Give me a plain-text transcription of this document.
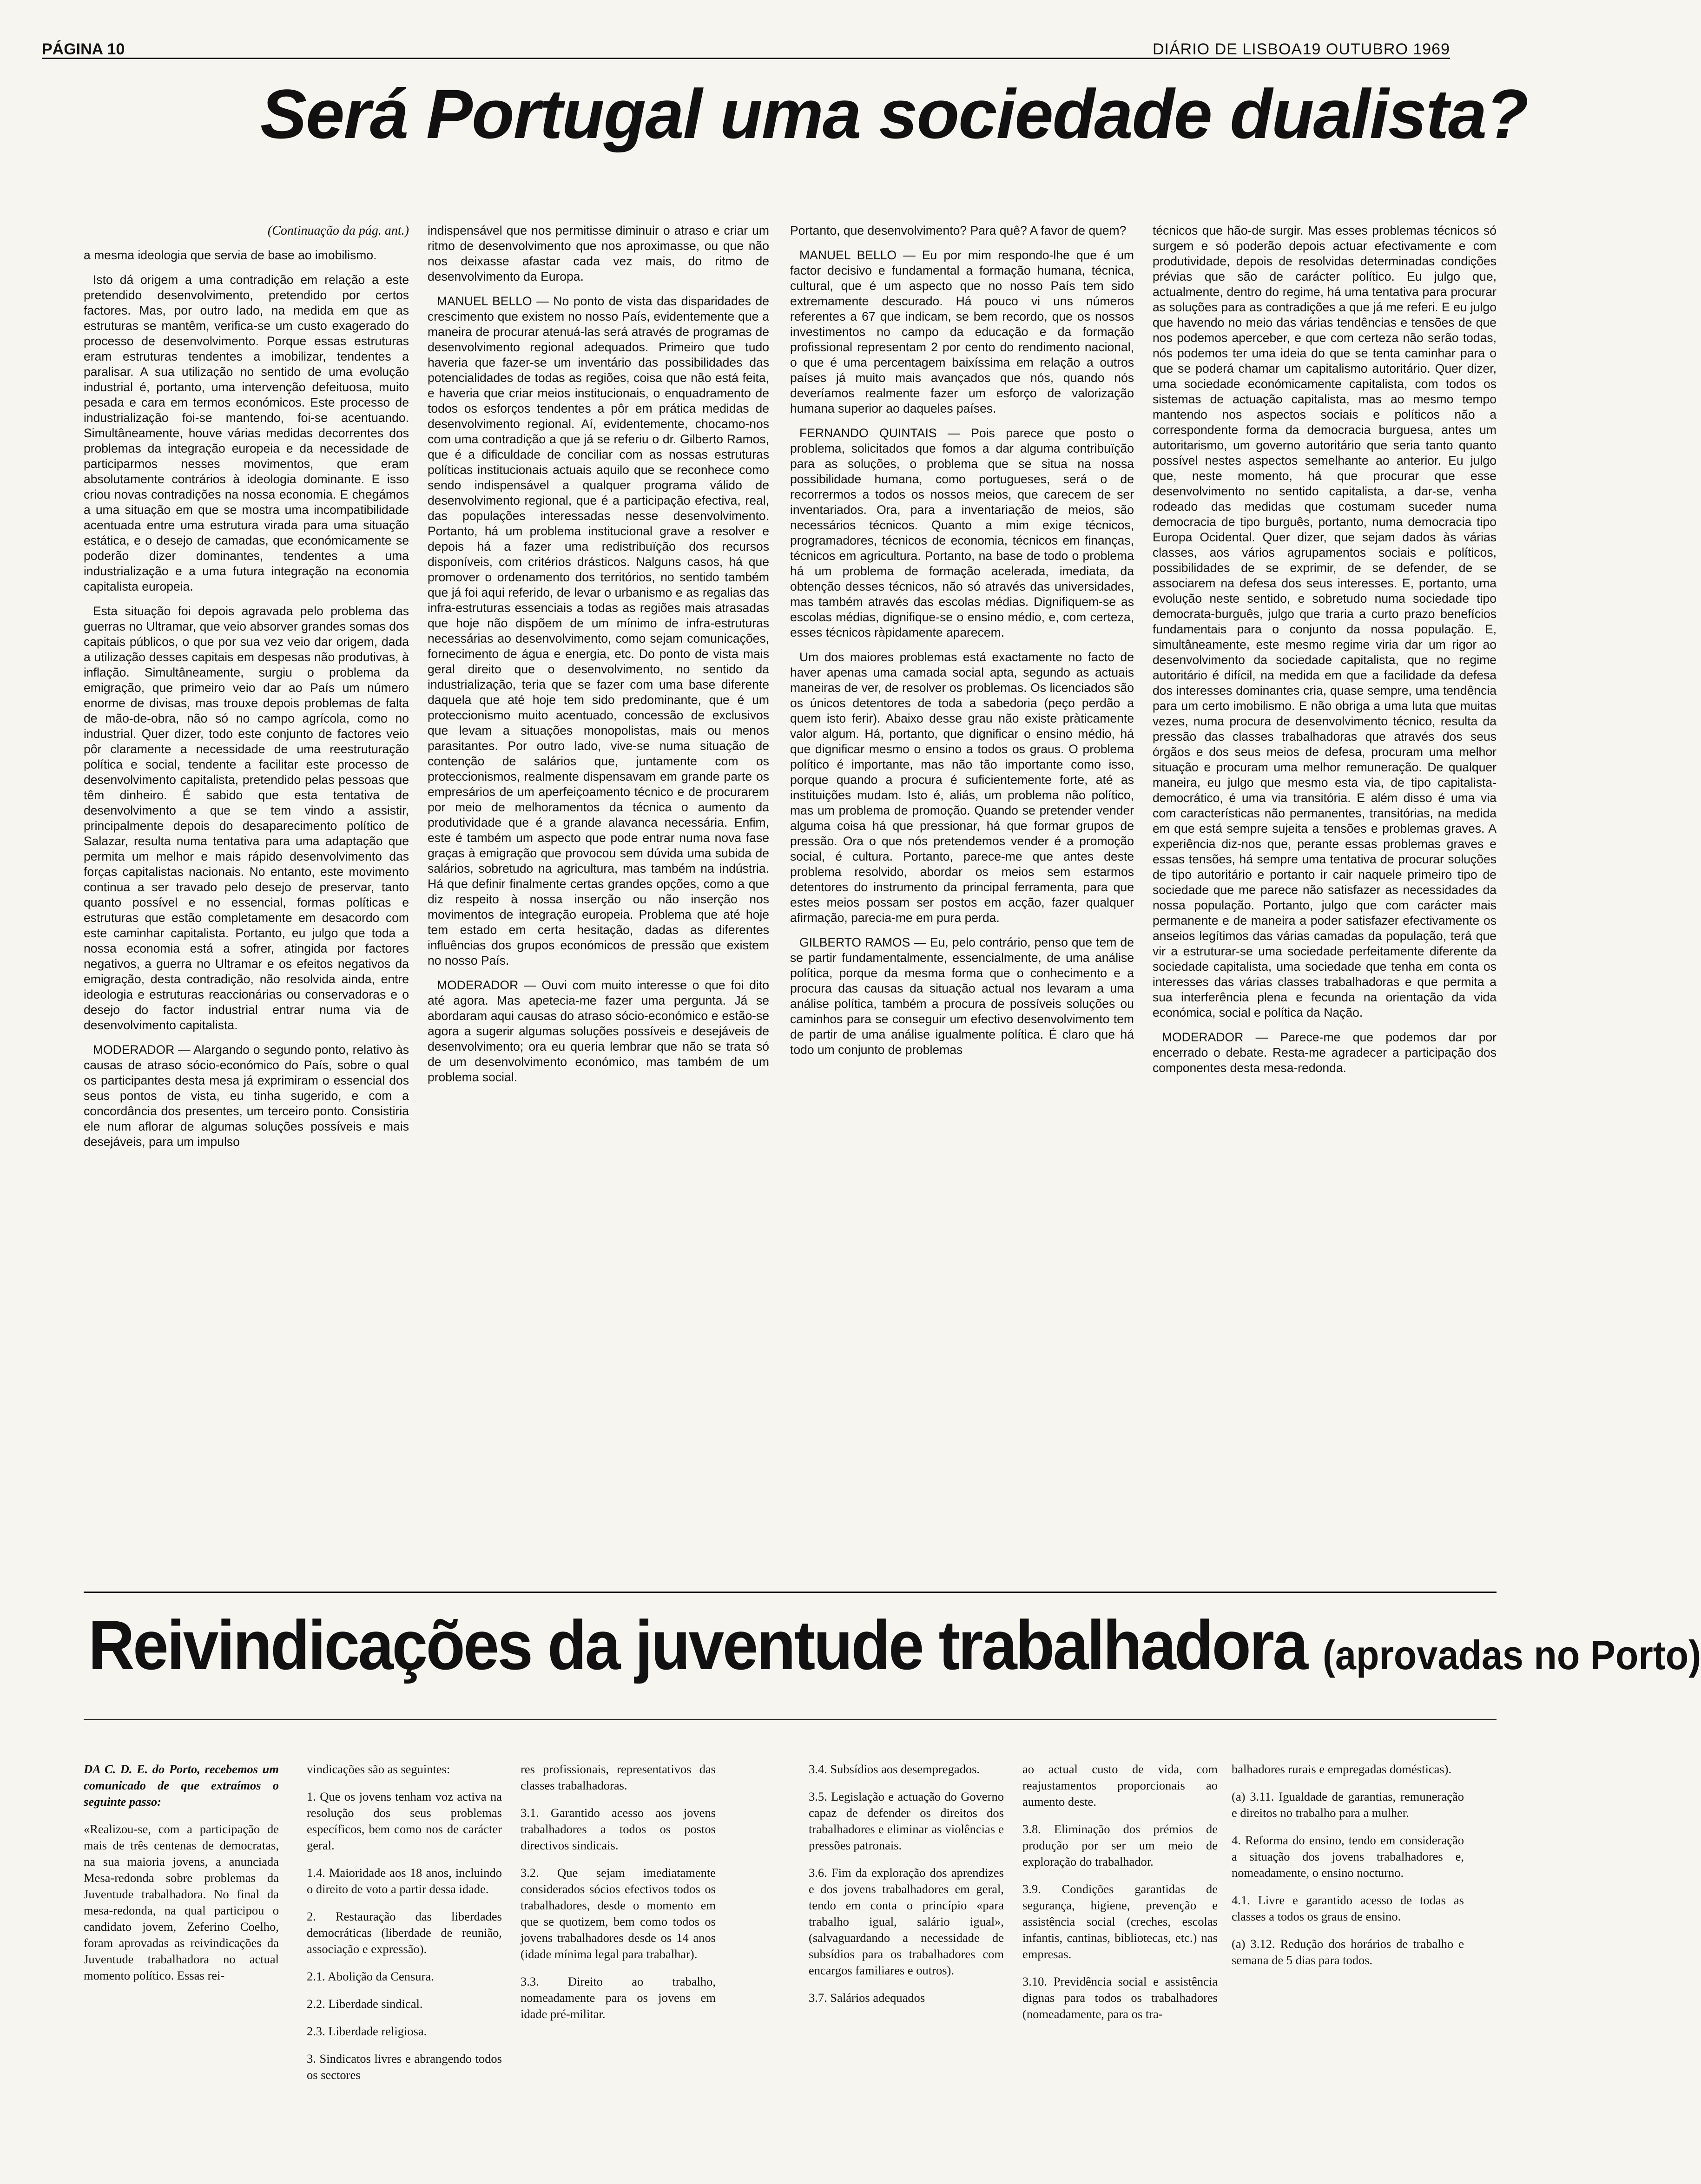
PÁGINA 10	DIÁRIO DE LISBOA 19 OUTUBRO 1969
Será Portugal uma sociedade dualista?

(Continuação da pág. ant.)

a mesma ideologia que servia de base ao imobilismo.

Isto dá origem a uma contradição em relação a este pretendido desenvolvimento, pretendido por certos factores. Mas, por outro lado, na medida em que as estruturas se mantêm, verifica-se um custo exagerado do processo de desenvolvimento. Porque essas estruturas eram estruturas tendentes a imobilizar, tendentes a paralisar. A sua utilização no sentido de uma evolução industrial é, portanto, uma intervenção defeituosa, muito pesada e cara em termos económicos. Este processo de industrialização foi-se mantendo, foi-se acentuando. Simultâneamente, houve várias medidas decorrentes dos problemas da integração europeia e da necessidade de participarmos nesses movimentos, que eram absolutamente contrários à ideologia dominante. E isso criou novas contradições na nossa economia. E chegámos a uma situação em que se mostra uma incompatibilidade acentuada entre uma estrutura virada para uma situação estática, e o desejo de camadas, que económicamente se poderão dizer dominantes, tendentes a uma industrialização e a uma futura integração na economia capitalista europeia.

Esta situação foi depois agravada pelo problema das guerras no Ultramar, que veio absorver grandes somas dos capitais públicos, o que por sua vez veio dar origem, dada a utilização desses capitais em despesas não produtivas, à inflação. Simultâneamente, surgiu o problema da emigração, que primeiro veio dar ao País um número enorme de divisas, mas trouxe depois problemas de falta de mão-de-obra, não só no campo agrícola, como no industrial. Quer dizer, todo este conjunto de factores veio pôr claramente a necessidade de uma reestruturação política e social, tendente a facilitar este processo de desenvolvimento capitalista, pretendido pelas pessoas que têm dinheiro. É sabido que esta tentativa de desenvolvimento a que se tem vindo a assistir, principalmente depois do desaparecimento político de Salazar, resulta numa tentativa para uma adaptação que permita um melhor e mais rápido desenvolvimento das forças capitalistas nacionais. No entanto, este movimento continua a ser travado pelo desejo de preservar, tanto quanto possível e no essencial, formas políticas e estruturas que estão completamente em desacordo com este caminhar capitalista. Portanto, eu julgo que toda a nossa economia está a sofrer, atingida por factores negativos, a guerra no Ultramar e os efeitos negativos da emigração, desta contradição, não resolvida ainda, entre ideologia e estruturas reaccionárias ou conservadoras e o desejo do factor industrial entrar numa via de desenvolvimento capitalista.

MODERADOR — Alargando o segundo ponto, relativo às causas de atraso sócio-económico do País, sobre o qual os participantes desta mesa já exprimiram o essencial dos seus pontos de vista, eu tinha sugerido, e com a concordância dos presentes, um terceiro ponto. Consistiria ele num aflorar de algumas soluções possíveis e mais desejáveis, para um impulso

indispensável que nos permitisse diminuir o atraso e criar um ritmo de desenvolvimento que nos aproximasse, ou que não nos deixasse afastar cada vez mais, do ritmo de desenvolvimento da Europa.

MANUEL BELLO — No ponto de vista das disparidades de crescimento que existem no nosso País, evidentemente que a maneira de procurar atenuá-las será através de programas de desenvolvimento regional adequados. Primeiro que tudo haveria que fazer-se um inventário das possibilidades das potencialidades de todas as regiões, coisa que não está feita, e haveria que criar meios institucionais, o enquadramento de todos os esforços tendentes a pôr em prática medidas de desenvolvimento regional. Aí, evidentemente, chocamo-nos com uma contradição a que já se referiu o dr. Gilberto Ramos, que é a dificuldade de conciliar com as nossas estruturas políticas institucionais actuais aquilo que se reconhece como sendo indispensável a qualquer programa válido de desenvolvimento regional, que é a participação efectiva, real, das populações interessadas nesse desenvolvimento. Portanto, há um problema institucional grave a resolver e depois há a fazer uma redistribuïção dos recursos disponíveis, com critérios drásticos. Nalguns casos, há que promover o ordenamento dos territórios, no sentido também que já foi aqui referido, de levar o urbanismo e as regalias das infra-estruturas essenciais a todas as regiões mais atrasadas que hoje não dispõem de um mínimo de infra-estruturas necessárias ao desenvolvimento, como sejam comunicações, fornecimento de água e energia, etc. Do ponto de vista mais geral direito que o desenvolvimento, no sentido da industrialização, teria que se fazer com uma base diferente daquela que até hoje tem sido predominante, que é um proteccionismo muito acentuado, concessão de exclusivos que levam a situações monopolistas, mais ou menos parasitantes. Por outro lado, vive-se numa situação de contenção de salários que, juntamente com os proteccionismos, realmente dispensavam em grande parte os empresários de um aperfeiçoamento técnico e de procurarem por meio de melhoramentos da técnica o aumento da produtividade que é a grande alavanca necessária. Enfim, este é também um aspecto que pode entrar numa nova fase graças à emigração que provocou sem dúvida uma subida de salários, sobretudo na agricultura, mas também na indústria. Há que definir finalmente certas grandes opções, como a que diz respeito à nossa inserção ou não inserção nos movimentos de integração europeia. Problema que até hoje tem estado em certa hesitação, dadas as diferentes influências dos grupos económicos de pressão que existem no nosso País.

MODERADOR — Ouvi com muito interesse o que foi dito até agora. Mas apetecia-me fazer uma pergunta. Já se abordaram aqui causas do atraso sócio-económico e estão-se agora a sugerir algumas soluções possíveis e desejáveis de desenvolvimento; ora eu queria lembrar que não se trata só de um desenvolvimento económico, mas também de um problema social.

Portanto, que desenvolvimento? Para quê? A favor de quem?

MANUEL BELLO — Eu por mim respondo-lhe que é um factor decisivo e fundamental a formação humana, técnica, cultural, que é um aspecto que no nosso País tem sido extremamente descurado. Há pouco vi uns números referentes a 67 que indicam, se bem recordo, que os nossos investimentos no campo da educação e da formação profissional representam 2 por cento do rendimento nacional, o que é uma percentagem baixíssima em relação a outros países já muito mais avançados que nós, quando nós deveríamos realmente fazer um esforço de valorização humana superior ao daqueles países.

FERNANDO QUINTAIS — Pois parece que posto o problema, solicitados que fomos a dar alguma contribuïção para as soluções, o problema que se situa na nossa possibilidade humana, como portugueses, será o de recorrermos a todos os nossos meios, que carecem de ser inventariados. Ora, para a inventariação de meios, são necessários técnicos. Quanto a mim exige técnicos, programadores, técnicos de economia, técnicos em finanças, técnicos em agricultura. Portanto, na base de todo o problema há um problema de formação acelerada, imediata, da obtenção desses técnicos, não só através das universidades, mas também através das escolas médias. Dignifiquem-se as escolas médias, dignifique-se o ensino médio, e, com certeza, esses técnicos ràpidamente aparecem.

Um dos maiores problemas está exactamente no facto de haver apenas uma camada social apta, segundo as actuais maneiras de ver, de resolver os problemas. Os licenciados são os únicos detentores de toda a sabedoria (peço perdão a quem isto ferir). Abaixo desse grau não existe pràticamente valor algum. Há, portanto, que dignificar o ensino médio, há que dignificar mesmo o ensino a todos os graus. O problema político é importante, mas não tão importante como isso, porque quando a procura é suficientemente forte, até as instituições mudam. Isto é, aliás, um problema não político, mas um problema de promoção. Quando se pretender vender alguma coisa há que pressionar, há que formar grupos de pressão. Ora o que nós pretendemos vender é a promoção social, é cultura. Portanto, parece-me que antes deste problema resolvido, abordar os meios sem estarmos detentores do instrumento da principal ferramenta, para que estes meios possam ser postos em acção, fazer qualquer afirmação, parecia-me em pura perda.

GILBERTO RAMOS — Eu, pelo contrário, penso que tem de se partir fundamentalmente, essencialmente, de uma análise política, porque da mesma forma que o conhecimento e a procura das causas da situação actual nos levaram a uma análise política, também a procura de possíveis soluções ou caminhos para se conseguir um efectivo desenvolvimento tem de partir de uma análise igualmente política. É claro que há todo um conjunto de problemas

técnicos que hão-de surgir. Mas esses problemas técnicos só surgem e só poderão depois actuar efectivamente e com produtividade, depois de resolvidas determinadas condições prévias que são de carácter político. Eu julgo que, actualmente, dentro do regime, há uma tentativa para procurar as soluções para as contradições a que já me referi. E eu julgo que havendo no meio das várias tendências e tensões de que nos podemos aperceber, e que com certeza não serão todas, nós podemos ter uma ideia do que se tenta caminhar para o que se poderá chamar um capitalismo autoritário. Quer dizer, uma sociedade económicamente capitalista, com todos os sistemas de actuação capitalista, mas ao mesmo tempo mantendo nos aspectos sociais e políticos não a correspondente forma da democracia burguesa, antes um autoritarismo, um governo autoritário que seria tanto quanto possível nestes aspectos semelhante ao anterior. Eu julgo que, neste momento, há que procurar que esse desenvolvimento no sentido capitalista, a dar-se, venha rodeado das medidas que costumam suceder numa democracia de tipo burguês, portanto, numa democracia tipo Europa Ocidental. Quer dizer, que sejam dados às várias classes, aos vários agrupamentos sociais e políticos, possibilidades de se exprimir, de se defender, de se associarem na defesa dos seus interesses. E, portanto, uma evolução neste sentido, e sobretudo numa sociedade tipo democrata-burguês, julgo que traria a curto prazo benefícios fundamentais para o conjunto da nossa população. E, simultâneamente, este mesmo regime viria dar um rigor ao desenvolvimento da sociedade capitalista, que no regime autoritário é difícil, na medida em que a facilidade da defesa dos interesses dominantes cria, quase sempre, uma tendência para um certo imobilismo. E não obriga a uma luta que muitas vezes, numa procura de desenvolvimento técnico, resulta da pressão das classes trabalhadoras que através dos seus órgãos e dos seus meios de defesa, procuram uma melhor situação e procuram uma melhor remuneração. De qualquer maneira, eu julgo que mesmo esta via, de tipo capitalista-democrático, é uma via transitória. E além disso é uma via com características não permanentes, transitórias, na medida em que está sempre sujeita a tensões e problemas graves. A experiência diz-nos que, perante essas problemas graves e essas tensões, há sempre uma tentativa de procurar soluções de tipo autoritário e portanto ir cair naquele primeiro tipo de sociedade que me parece não satisfazer as necessidades da nossa população. Portanto, julgo que com carácter mais permanente e de maneira a poder satisfazer efectivamente os anseios legítimos das várias camadas da população, terá que vir a estruturar-se uma sociedade perfeitamente diferente da sociedade capitalista, uma sociedade que tenha em conta os interesses das várias classes trabalhadoras e que permita a sua interferência plena e fecunda na orientação da vida económica, social e política da Nação.

MODERADOR — Parece-me que podemos dar por encerrado o debate. Resta-me agradecer a participação dos componentes desta mesa-redonda.

Reivindicações da juventude trabalhadora (aprovadas no Porto)

DA C. D. E. do Porto, recebemos um comunicado de que extraímos o seguinte passo:

«Realizou-se, com a participação de mais de três centenas de democratas, na sua maioria jovens, a anunciada Mesa-redonda sobre problemas da Juventude trabalhadora. No final da mesa-redonda, na qual participou o candidato jovem, Zeferino Coelho, foram aprovadas as reivindicações da Juventude trabalhadora no actual momento político. Essas rei-

vindicações são as seguintes:

1. Que os jovens tenham voz activa na resolução dos seus problemas específicos, bem como nos de carácter geral.

1.4. Maioridade aos 18 anos, incluindo o direito de voto a partir dessa idade.

2. Restauração das liberdades democráticas (liberdade de reunião, associação e expressão).

2.1. Abolição da Censura.

2.2. Liberdade sindical.

2.3. Liberdade religiosa.

3. Sindicatos livres e abrangendo todos os sectores

res profissionais, representativos das classes trabalhadoras.

3.1. Garantido acesso aos jovens trabalhadores a todos os postos directivos sindicais.

3.2. Que sejam imediatamente considerados sócios efectivos todos os trabalhadores, desde o momento em que se quotizem, bem como todos os jovens trabalhadores desde os 14 anos (idade mínima legal para trabalhar).

3.3. Direito ao trabalho, nomeadamente para os jovens em idade pré-militar.

3.4. Subsídios aos desempregados.

3.5. Legislação e actuação do Governo capaz de defender os direitos dos trabalhadores e eliminar as violências e pressões patronais.

3.6. Fim da exploração dos aprendizes e dos jovens trabalhadores em geral, tendo em conta o princípio «para trabalho igual, salário igual», (salvaguardando a necessidade de subsídios para os trabalhadores com encargos familiares e outros).

3.7. Salários adequados

ao actual custo de vida, com reajustamentos proporcionais ao aumento deste.

3.8. Eliminação dos prémios de produção por ser um meio de exploração do trabalhador.

3.9. Condições garantidas de segurança, higiene, prevenção e assistência social (creches, escolas infantis, cantinas, bibliotecas, etc.) nas empresas.

3.10. Previdência social e assistência dignas para todos os trabalhadores (nomeadamente, para os tra-

balhadores rurais e empregadas domésticas).

(a) 3.11. Igualdade de garantias, remuneração e direitos no trabalho para a mulher.

4. Reforma do ensino, tendo em consideração a situação dos jovens trabalhadores e, nomeadamente, o ensino nocturno.

4.1. Livre e garantido acesso de todas as classes a todos os graus de ensino.

(a) 3.12. Redução dos horários de trabalho e semana de 5 dias para todos.
